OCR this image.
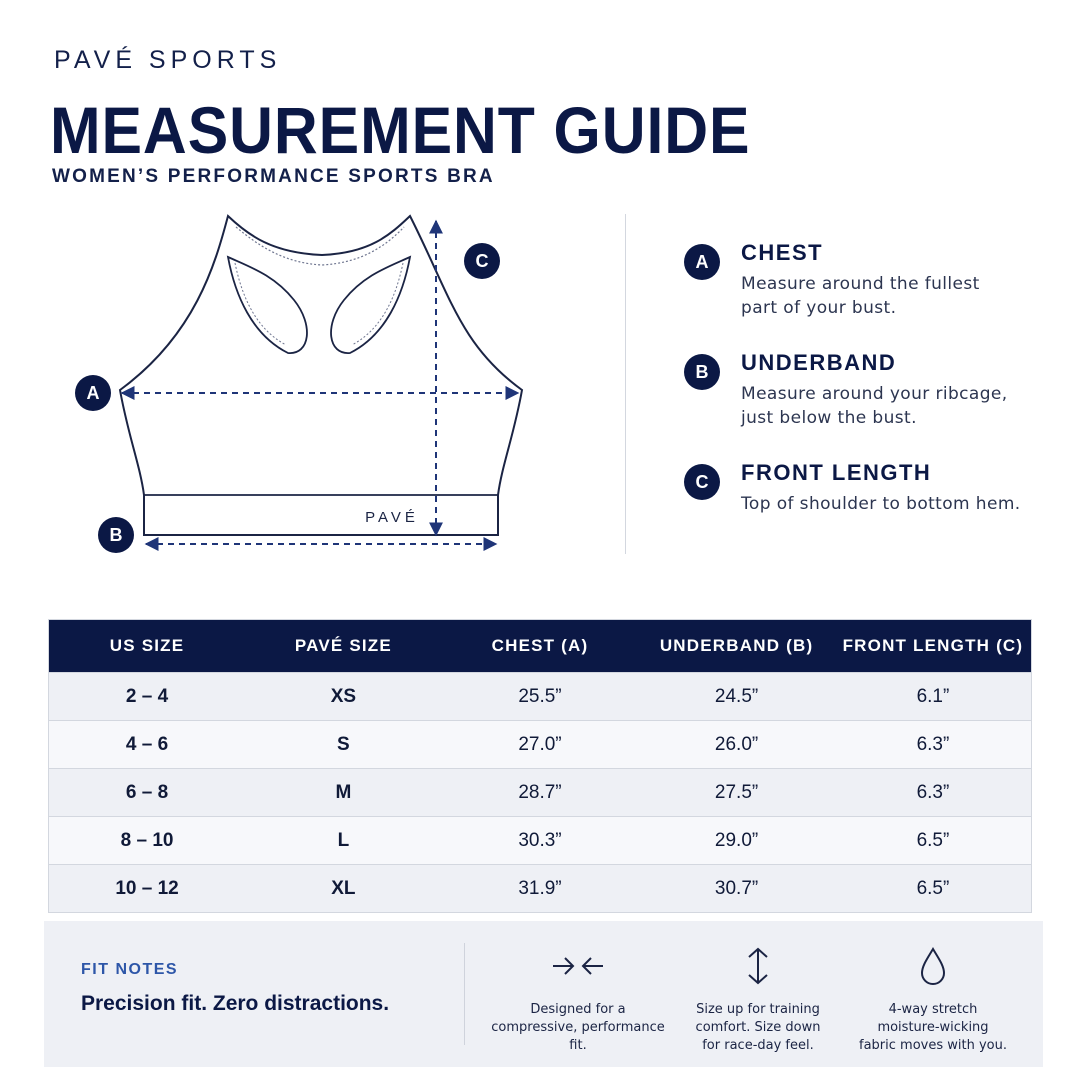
PAVÉ SPORTS
MEASUREMENT GUIDE
WOMEN’S PERFORMANCE SPORTS BRA
PAVÉ
A
B
C	A	CHEST
Measure around the fullest
part of your bust.
B	UNDERBAND
Measure around your ribcage,
just below the bust.
C	FRONT LENGTH
Top of shoulder to bottom hem.
US SIZE	PAVÉ SIZE	CHEST (A)	UNDERBAND (B)	FRONT LENGTH (C)
2 – 4	XS	25.5”	24.5”	6.1”
4 – 6	S	27.0”	26.0”	6.3”
6 – 8	M	28.7”	27.5”	6.3”
8 – 10	L	30.3”	29.0”	6.5”
10 – 12	XL	31.9”	30.7”	6.5”
FIT NOTES
Precision fit. Zero distractions.	Designed for a
compressive, performance fit.
Size up for training
comfort. Size down
for race-day feel.
4-way stretch
moisture-wicking
fabric moves with you.
